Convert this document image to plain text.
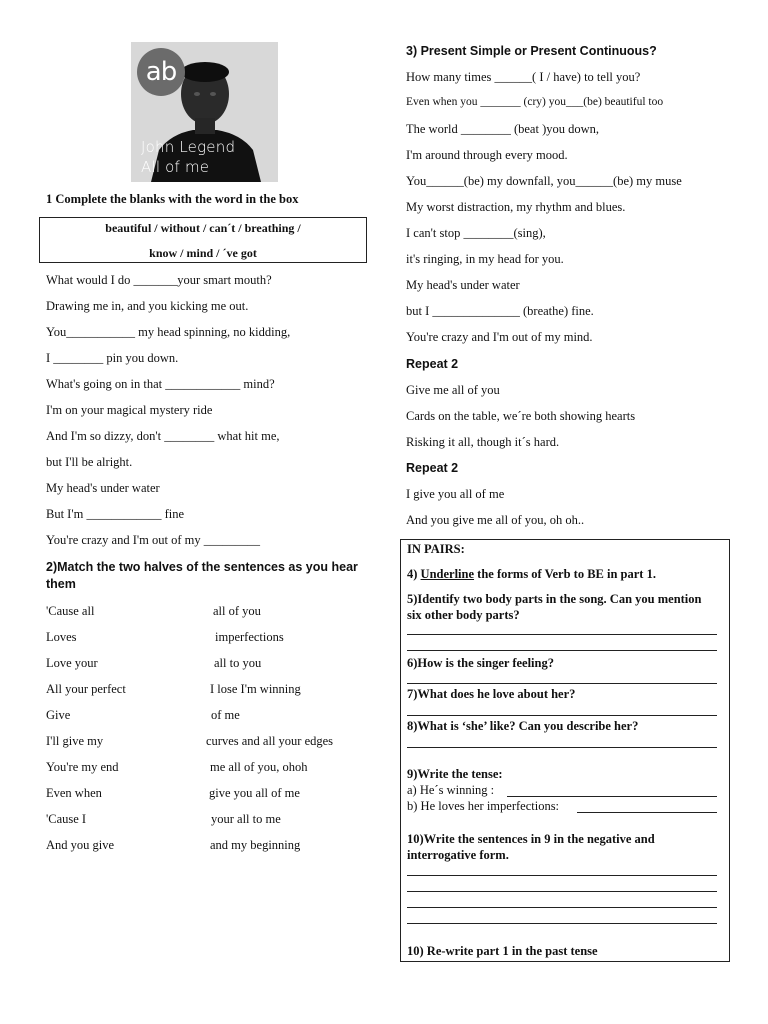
ab
John Legend
All of me
1 Complete the blanks with the word in the box
beautiful / without / can´t / breathing /
know / mind / ´ve got
What would I do _______your smart mouth?
Drawing me in, and you kicking me out.
You___________ my head spinning, no kidding,
I ________ pin you down.
What's going on in that ____________ mind?
I'm on your magical mystery ride
And I'm so dizzy, don't ________ what hit me,
but I'll be alright.
My head's under water
But I'm ____________ fine
You're crazy and I'm out of my _________
2)Match the two halves of the sentences as you hear
them
'Cause all
Loves
Love your
All your perfect
Give
I'll give my
You're my end
Even when
'Cause I
And you give
all of you
imperfections
all to you
I lose I'm winning
of me
curves and all your edges
me all of you, ohoh
give you all of me
your all to me
and my beginning
3) Present Simple or Present Continuous?
How many times ______( I / have) to tell you?
Even when you _______ (cry) you___(be) beautiful too
The world ________ (beat )you down,
I'm around through every mood.
You______(be) my downfall, you______(be) my muse
My worst distraction, my rhythm and blues.
I can't stop ________(sing),
it's ringing, in my head for you.
My head's under water
but I ______________ (breathe) fine.
You're crazy and I'm out of my mind.
Repeat 2
Give me all of you
Cards on the table, we´re both showing hearts
Risking it all, though it´s hard.
Repeat 2
I give you all of me
And you give me all of you, oh oh..
IN PAIRS:
4) Underline the forms of Verb to BE in part 1.
5)Identify two body parts in the song. Can you mention six other body parts?
6)How is the singer feeling?
7)What does he love about her?
8)What is ‘she’ like? Can you describe her?
9)Write the tense:
a) He´s winning :
b) He loves her imperfections:
10)Write the sentences in 9 in the negative and interrogative form.
10) Re-write part 1 in the past tense
